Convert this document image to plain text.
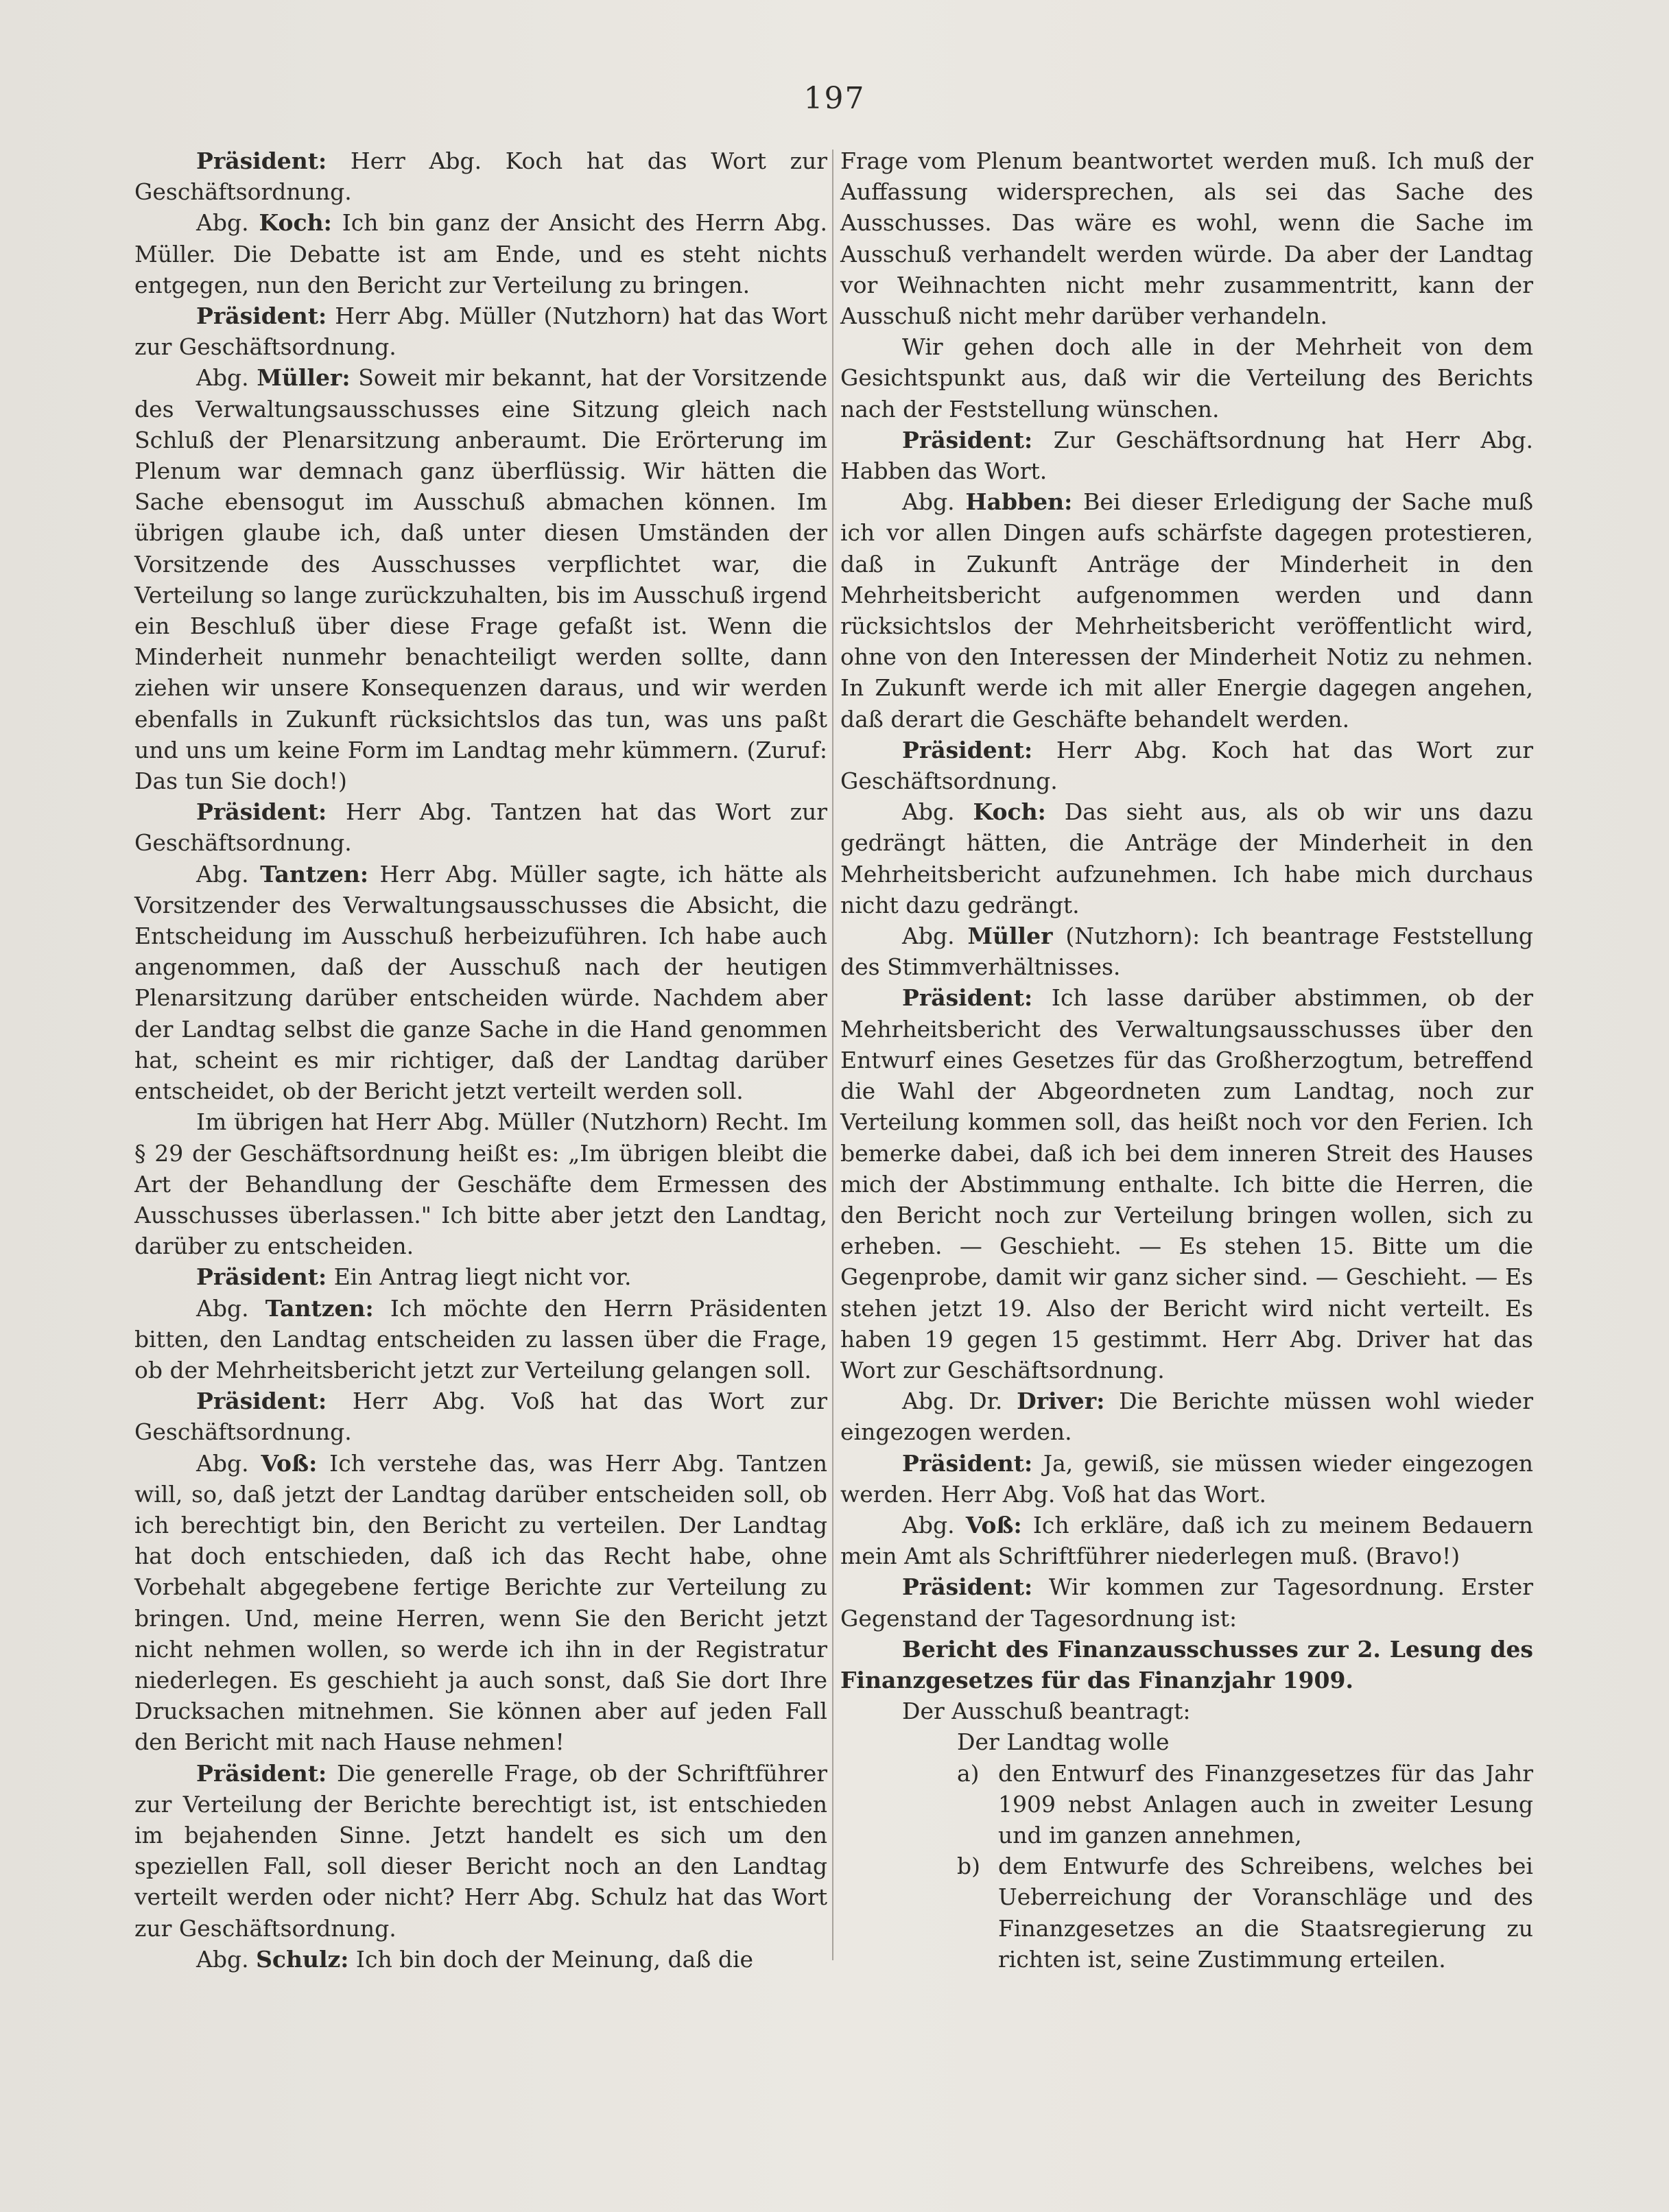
197

Präsident: Herr Abg. Koch hat das Wort zur Geschäftsordnung.

Abg. Koch: Ich bin ganz der Ansicht des Herrn Abg. Müller. Die Debatte ist am Ende, und es steht nichts entgegen, nun den Bericht zur Verteilung zu bringen.

Präsident: Herr Abg. Müller (Nutzhorn) hat das Wort zur Geschäftsordnung.

Abg. Müller: Soweit mir bekannt, hat der Vorsitzende des Verwaltungsausschusses eine Sitzung gleich nach Schluß der Plenarsitzung anberaumt. Die Erörterung im Plenum war demnach ganz überflüssig. Wir hätten die Sache ebensogut im Ausschuß abmachen können. Im übrigen glaube ich, daß unter diesen Umständen der Vorsitzende des Ausschusses verpflichtet war, die Verteilung so lange zurückzuhalten, bis im Ausschuß irgend ein Beschluß über diese Frage gefaßt ist. Wenn die Minderheit nunmehr benachteiligt werden sollte, dann ziehen wir unsere Konsequenzen daraus, und wir werden ebenfalls in Zukunft rücksichtslos das tun, was uns paßt und uns um keine Form im Landtag mehr kümmern. (Zuruf: Das tun Sie doch!)

Präsident: Herr Abg. Tantzen hat das Wort zur Geschäftsordnung.

Abg. Tantzen: Herr Abg. Müller sagte, ich hätte als Vorsitzender des Verwaltungsausschusses die Absicht, die Entscheidung im Ausschuß herbeizuführen. Ich habe auch angenommen, daß der Ausschuß nach der heutigen Plenarsitzung darüber entscheiden würde. Nachdem aber der Landtag selbst die ganze Sache in die Hand genommen hat, scheint es mir richtiger, daß der Landtag darüber entscheidet, ob der Bericht jetzt verteilt werden soll.

Im übrigen hat Herr Abg. Müller (Nutzhorn) Recht. Im § 29 der Geschäftsordnung heißt es: „Im übrigen bleibt die Art der Behandlung der Geschäfte dem Ermessen des Ausschusses überlassen." Ich bitte aber jetzt den Landtag, darüber zu entscheiden.

Präsident: Ein Antrag liegt nicht vor.

Abg. Tantzen: Ich möchte den Herrn Präsidenten bitten, den Landtag entscheiden zu lassen über die Frage, ob der Mehrheitsbericht jetzt zur Verteilung gelangen soll.

Präsident: Herr Abg. Voß hat das Wort zur Geschäftsordnung.

Abg. Voß: Ich verstehe das, was Herr Abg. Tantzen will, so, daß jetzt der Landtag darüber entscheiden soll, ob ich berechtigt bin, den Bericht zu verteilen. Der Landtag hat doch entschieden, daß ich das Recht habe, ohne Vorbehalt abgegebene fertige Berichte zur Verteilung zu bringen. Und, meine Herren, wenn Sie den Bericht jetzt nicht nehmen wollen, so werde ich ihn in der Registratur niederlegen. Es geschieht ja auch sonst, daß Sie dort Ihre Drucksachen mitnehmen. Sie können aber auf jeden Fall den Bericht mit nach Hause nehmen!

Präsident: Die generelle Frage, ob der Schriftführer zur Verteilung der Berichte berechtigt ist, ist entschieden im bejahenden Sinne. Jetzt handelt es sich um den speziellen Fall, soll dieser Bericht noch an den Landtag verteilt werden oder nicht? Herr Abg. Schulz hat das Wort zur Geschäftsordnung.

Abg. Schulz: Ich bin doch der Meinung, daß die

Frage vom Plenum beantwortet werden muß. Ich muß der Auffassung widersprechen, als sei das Sache des Ausschusses. Das wäre es wohl, wenn die Sache im Ausschuß verhandelt werden würde. Da aber der Landtag vor Weihnachten nicht mehr zusammentritt, kann der Ausschuß nicht mehr darüber verhandeln.

Wir gehen doch alle in der Mehrheit von dem Gesichtspunkt aus, daß wir die Verteilung des Berichts nach der Feststellung wünschen.

Präsident: Zur Geschäftsordnung hat Herr Abg. Habben das Wort.

Abg. Habben: Bei dieser Erledigung der Sache muß ich vor allen Dingen aufs schärfste dagegen protestieren, daß in Zukunft Anträge der Minderheit in den Mehrheitsbericht aufgenommen werden und dann rücksichtslos der Mehrheitsbericht veröffentlicht wird, ohne von den Interessen der Minderheit Notiz zu nehmen. In Zukunft werde ich mit aller Energie dagegen angehen, daß derart die Geschäfte behandelt werden.

Präsident: Herr Abg. Koch hat das Wort zur Geschäftsordnung.

Abg. Koch: Das sieht aus, als ob wir uns dazu gedrängt hätten, die Anträge der Minderheit in den Mehrheitsbericht aufzunehmen. Ich habe mich durchaus nicht dazu gedrängt.

Abg. Müller (Nutzhorn): Ich beantrage Feststellung des Stimmverhältnisses.

Präsident: Ich lasse darüber abstimmen, ob der Mehrheitsbericht des Verwaltungsausschusses über den Entwurf eines Gesetzes für das Großherzogtum, betreffend die Wahl der Abgeordneten zum Landtag, noch zur Verteilung kommen soll, das heißt noch vor den Ferien. Ich bemerke dabei, daß ich bei dem inneren Streit des Hauses mich der Abstimmung enthalte. Ich bitte die Herren, die den Bericht noch zur Verteilung bringen wollen, sich zu erheben. — Geschieht. — Es stehen 15. Bitte um die Gegenprobe, damit wir ganz sicher sind. — Geschieht. — Es stehen jetzt 19. Also der Bericht wird nicht verteilt. Es haben 19 gegen 15 gestimmt. Herr Abg. Driver hat das Wort zur Geschäftsordnung.

Abg. Dr. Driver: Die Berichte müssen wohl wieder eingezogen werden.

Präsident: Ja, gewiß, sie müssen wieder eingezogen werden. Herr Abg. Voß hat das Wort.

Abg. Voß: Ich erkläre, daß ich zu meinem Bedauern mein Amt als Schriftführer niederlegen muß. (Bravo!)

Präsident: Wir kommen zur Tagesordnung. Erster Gegenstand der Tagesordnung ist:

Bericht des Finanzausschusses zur 2. Lesung des Finanzgesetzes für das Finanzjahr 1909.

Der Ausschuß beantragt:

Der Landtag wolle

a) den Entwurf des Finanzgesetzes für das Jahr 1909 nebst Anlagen auch in zweiter Lesung und im ganzen annehmen,
b) dem Entwurfe des Schreibens, welches bei Ueberreichung der Voranschläge und des Finanzgesetzes an die Staatsregierung zu richten ist, seine Zustimmung erteilen.
